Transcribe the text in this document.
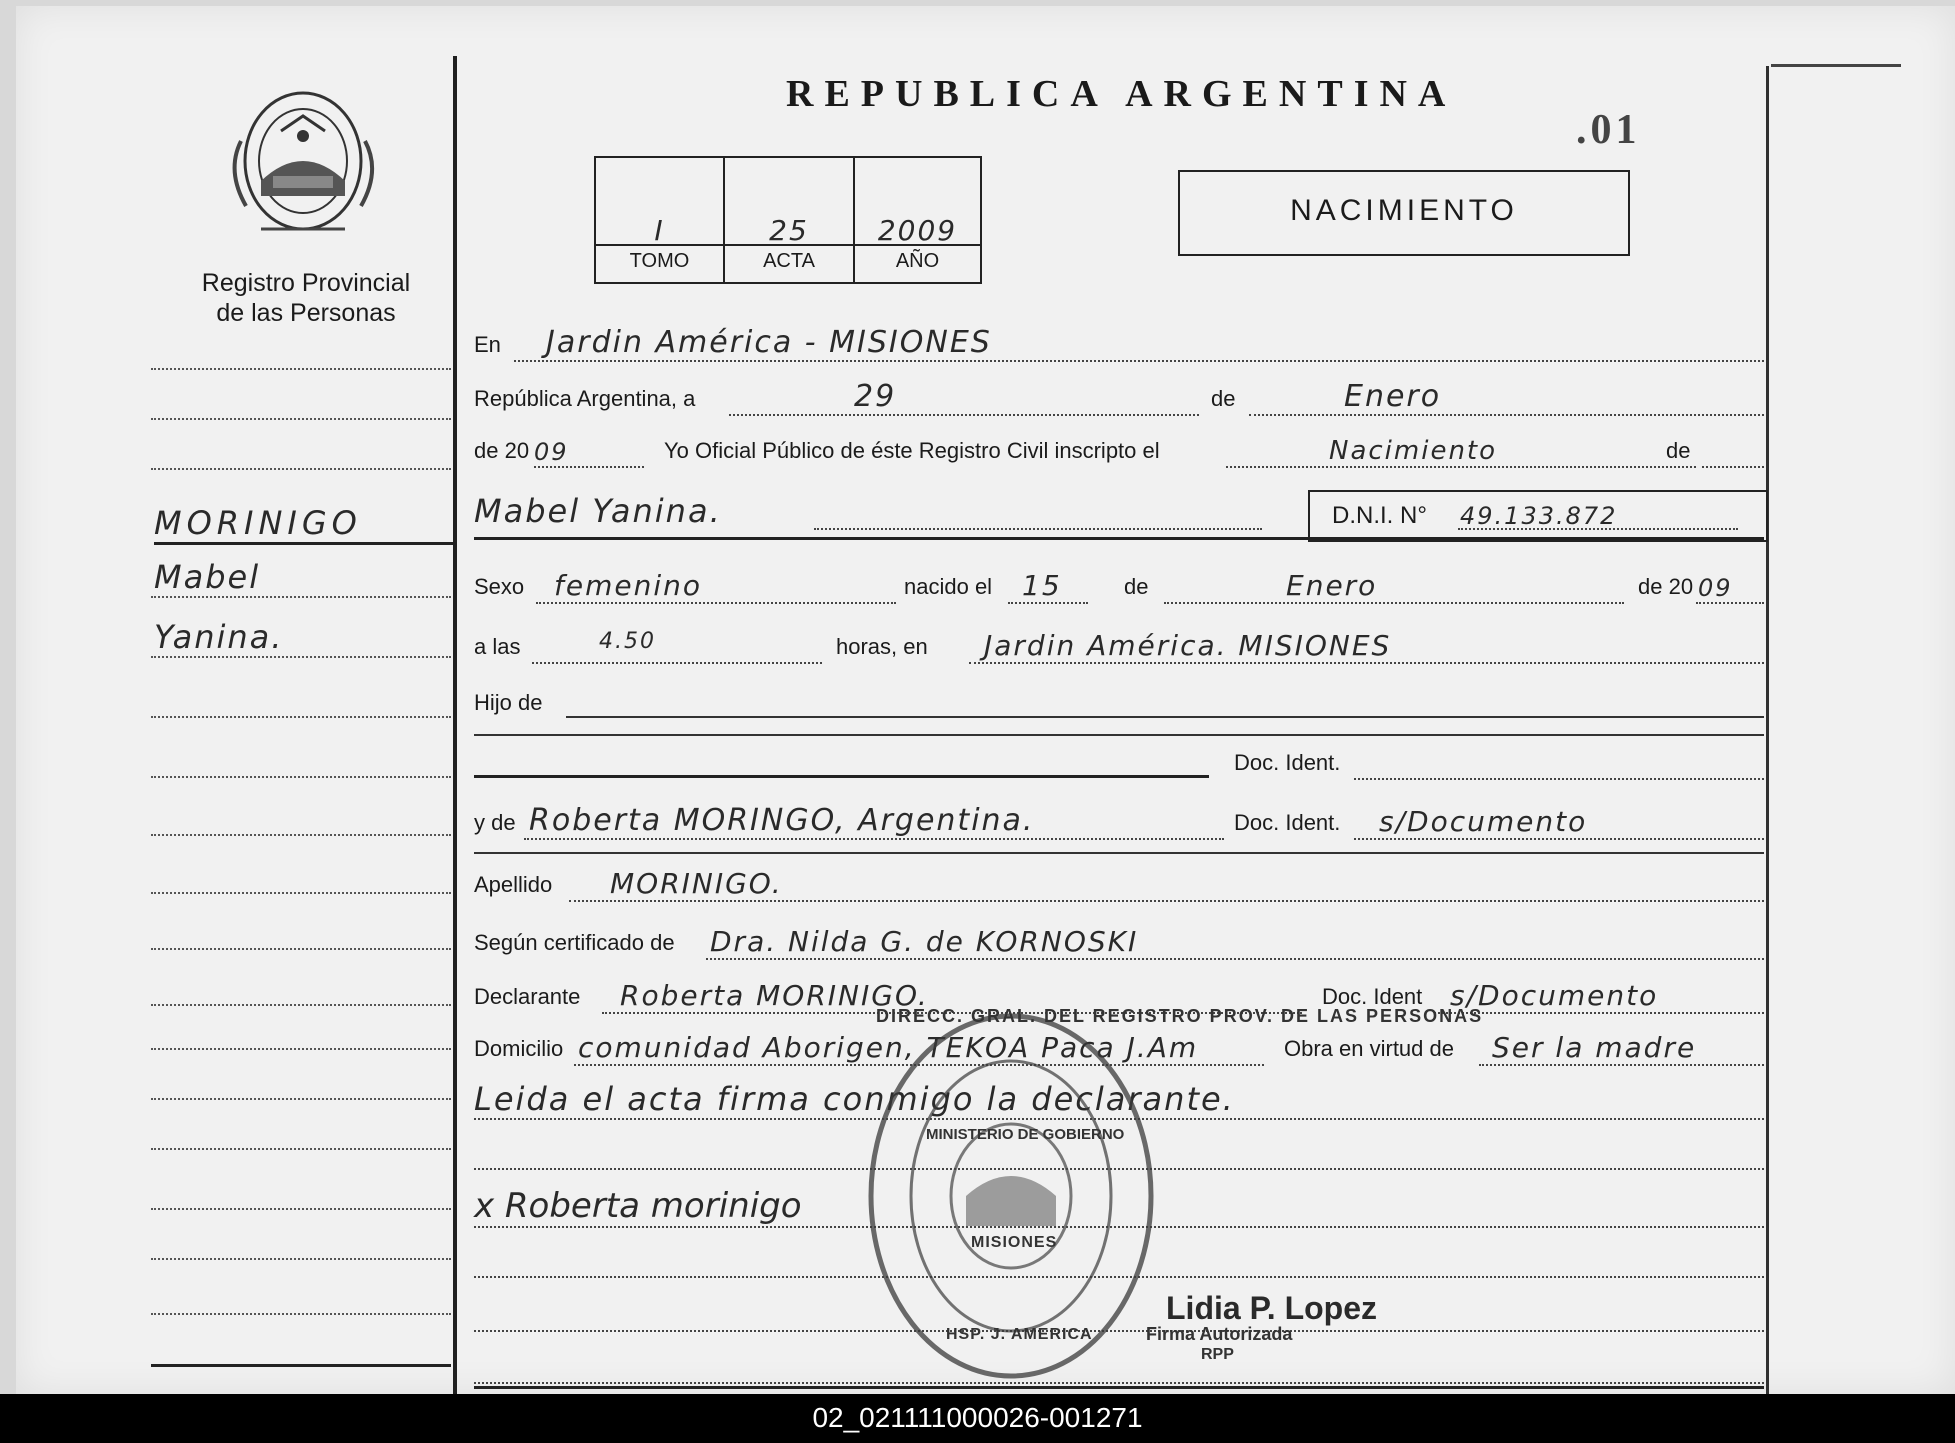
Registro Provincial
de las Personas
MORINIGO
Mabel
Yanina.
REPUBLICA ARGENTINA
.01
I	25	2009
TOMO	ACTA	AÑO
NACIMIENTO
En Jardin América - MISIONES
República Argentina, a	29	de	Enero
de 20 09	Yo Oficial Público de éste Registro Civil inscripto el	Nacimiento	de
Mabel Yanina.	D.N.I. N° 49.133.872
Sexo femenino	nacido el 15	de	Enero	de 20 09
a las	4.50	horas, en Jardin América. MISIONES
Hijo de
Doc. Ident.
y de Roberta MORINGO, Argentina.	Doc. Ident. s/Documento
Apellido MORINIGO.
Según certificado de Dra. Nilda G. de KORNOSKI
Declarante Roberta MORINIGO.	Doc. Ident s/Documento
Domicilio comunidad Aborigen, TEKOA Paca J.Am	Obra en virtud de Ser la madre
Leida el acta firma conmigo la declarante.
x Roberta morinigo
MISIONES
DIRECC. GRAL. DEL REGISTRO PROV. DE LAS PERSONAS
MINISTERIO DE GOBIERNO
HSP. J. AMERICA
Lidia P. Lopez
Firma Autorizada
RPP
02_021111000026-001271
